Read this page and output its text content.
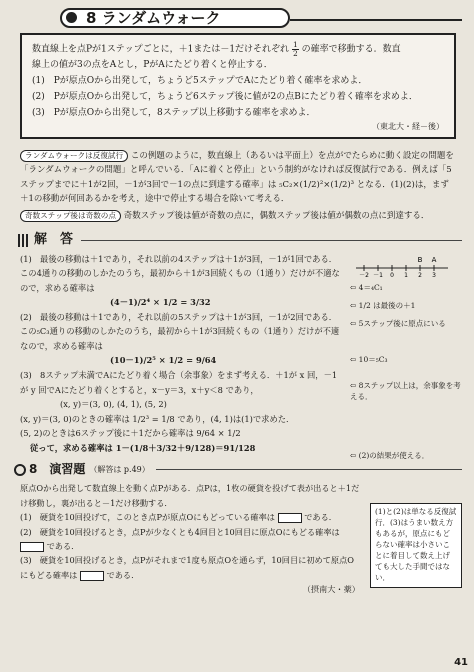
8 ランダムウォーク

数直線上を点Pが1ステップごとに，＋1または－1だけそれぞれ $\frac{1}{2}$ の確率で移動する．数直
線上の値が3の点をAとし，PがAにたどり着くと停止する．

(1)　Pが原点Oから出発して，ちょうど5ステップでAにたどり着く確率を求めよ．

(2)　Pが原点Oから出発して，ちょうど6ステップ後に値が2の点Bにたどり着く確率を求めよ．

(3)　Pが原点Oから出発して，8ステップ以上移動する確率を求めよ．

（東北大・経－後）
ランダムウォークは反復試行 この例題のように，数直線上（あるいは平面上）を点がでたらめに動く設定の問題を「ランダムウォークの問題」と呼んでいる．「Aに着くと停止」という制約がなければ反復試行である．例えば「5ステップまでに＋1が2回，－1が3回で－1の点に到達する確率」は ₅C₂×(1/2)²×(1/2)³ となる．(1)(2)は，まず＋1の移動が何回あるかを考え，途中で停止する場合を除いて考える．
奇数ステップ後は奇数の点 奇数ステップ後は値が奇数の点に，偶数ステップ後は値が偶数の点に到達する．
解　答
B A
－2 －1 0 1 2 3
⇦ 4＝₄C₁
⇦ 1/2 は最後の＋1
⇦ 5ステップ後に原点にいる
⇦ 10＝₅C₃
⇦ 8ステップ以上は，余事象を考える．
⇦ (2)の結果が使える．

(1)　最後の移動は＋1であり，それ以前の4ステップは＋1が3回，－1が1回である．この4通りの移動のしかたのうち，最初から＋1が3回続くもの（1通り）だけが不適なので，求める確率は

(4－1)/2⁴ × 1/2 = 3/32

(2)　最後の移動は＋1であり，それ以前の5ステップは＋1が3回，－1が2回である．この₅C₃通りの移動のしかたのうち，最初から＋1が3回続くもの（1通り）だけが不適なので，求める確率は

(10－1)/2⁵ × 1/2 = 9/64

(3)　8ステップ未満でAにたどり着く場合（余事象）をまず考える．＋1が x 回，－1が y 回でAにたどり着くとすると，x－y＝3，x＋y＜8 であり，

(x, y)＝(3, 0), (4, 1), (5, 2)

(x, y)＝(3, 0)のときの確率は 1/2³ = 1/8 であり，(4, 1)は(1)で求めた．

(5, 2)のときは6ステップ後に＋1だから確率は 9/64 × 1/2

従って，求める確率は 1－(1/8＋3/32＋9/128)＝91/128

8　演習題 （解答は p.49）

原点Oから出発して数直線上を動く点Pがある．点Pは，1枚の硬貨を投げて表が出ると＋1だけ移動し，裏が出ると－1だけ移動する．

(1)　硬貨を10回投げて，このとき点Pが原点Oにもどっている確率は	である．

(2)　硬貨を10回投げるとき，点Pが少なくとも4回目と10回目に原点Oにもどる確率は  である．

(3)　硬貨を10回投げるとき，点Pがそれまで1度も原点Oを通らず，10回目に初めて原点Oにもどる確率は	である．

（摂南大・薬）

(1)と(2)は単なる反復試行．(3)はうまい数え方もあるが，原点にもどらない確率は小さいことに着目して数え上げても大した手間ではない．
41
